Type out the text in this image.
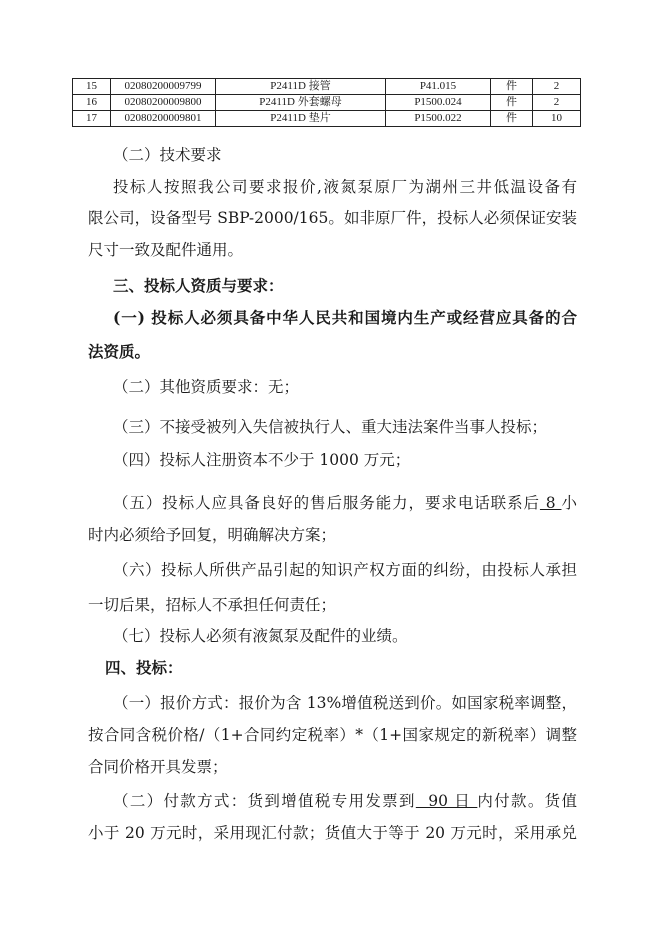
15	02080200009799	P2411D 接管	P41.015	件	2
16	02080200009800	P2411D 外套螺母	P1500.024	件	2
17	02080200009801	P2411D 垫片	P1500.022	件	10
（二）技术要求
投标人按照我公司要求报价,液氮泵原厂为湖州三井低温设备有
限公司，设备型号 SBP-2000/165。如非原厂件，投标人必须保证安装
尺寸一致及配件通用。
三、投标人资质与要求：
(一) 投标人必须具备中华人民共和国境内生产或经营应具备的合
法资质。
（二）其他资质要求：无；
（三）不接受被列入失信被执行人、重大违法案件当事人投标；
（四）投标人注册资本不少于 1000 万元；
（五）投标人应具备良好的售后服务能力，要求电话联系后 8 小
时内必须给予回复，明确解决方案；
（六）投标人所供产品引起的知识产权方面的纠纷，由投标人承担
一切后果，招标人不承担任何责任；
（七）投标人必须有液氮泵及配件的业绩。
四、投标：
（一）报价方式：报价为含 13%增值税送到价。如国家税率调整，
按合同含税价格/（1+合同约定税率）*（1+国家规定的新税率）调整
合同价格开具发票；
（二）付款方式：货到增值税专用发票到  90 日 内付款。货值
小于 20 万元时，采用现汇付款；货值大于等于 20 万元时，采用承兑
